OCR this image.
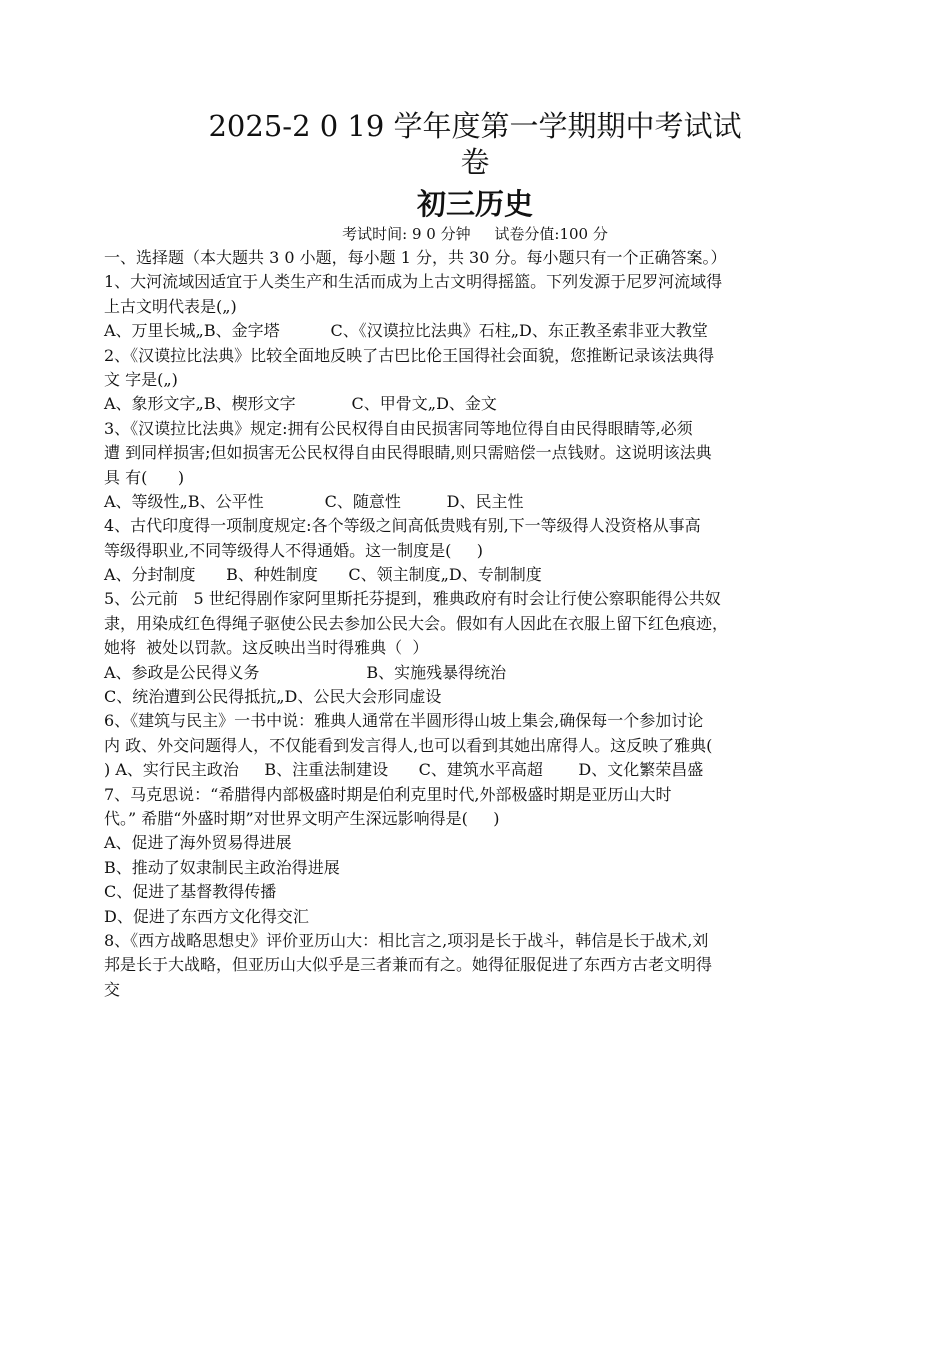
2025-2 0 19 学年度第一学期期中考试试
卷
初三历史
考试时间: 9 0 分钟     试卷分值:100 分
一、选择题（本大题共 3 0 小题，每小题 1 分，共 30 分。每小题只有一个正确答案。）
1、大河流域因适宜于人类生产和生活而成为上古文明得摇篮。下列发源于尼罗河流域得
上古文明代表是(„)
A、万里长城„B、金字塔          C、《汉谟拉比法典》石柱„D、东正教圣索非亚大教堂
2、《汉谟拉比法典》比较全面地反映了古巴比伦王国得社会面貌，您推断记录该法典得
文 字是(„)
A、象形文字„B、楔形文字           C、甲骨文„D、金文
3、《汉谟拉比法典》规定:拥有公民权得自由民损害同等地位得自由民得眼睛等,必须
遭 到同样损害;但如损害无公民权得自由民得眼睛,则只需赔偿一点钱财。这说明该法典
具 有(      )
A、等级性„B、公平性            C、随意性         D、民主性
4、古代印度得一项制度规定:各个等级之间高低贵贱有别,下一等级得人没资格从事高
等级得职业,不同等级得人不得通婚。这一制度是(     )
A、分封制度      B、种姓制度      C、领主制度„D、专制制度
5、公元前   5 世纪得剧作家阿里斯托芬提到，雅典政府有时会让行使公察职能得公共奴
隶，用染成红色得绳子驱使公民去参加公民大会。假如有人因此在衣服上留下红色痕迹，
她将  被处以罚款。这反映出当时得雅典（  ）
A、参政是公民得义务                     B、实施残暴得统治
C、统治遭到公民得抵抗„D、公民大会形同虚设
6、《建筑与民主》一书中说：雅典人通常在半圆形得山坡上集会,确保每一个参加讨论
内 政、外交问题得人，不仅能看到发言得人,也可以看到其她出席得人。这反映了雅典(
) A、实行民主政治     B、注重法制建设      C、建筑水平高超       D、文化繁荣昌盛
7、马克思说：“希腊得内部极盛时期是伯利克里时代,外部极盛时期是亚历山大时
代。” 希腊“外盛时期”对世界文明产生深远影响得是(     )
A、促进了海外贸易得进展
B、推动了奴隶制民主政治得进展
C、促进了基督教得传播
D、促进了东西方文化得交汇
8、《西方战略思想史》评价亚历山大：相比言之,项羽是长于战斗，韩信是长于战术,刘
邦是长于大战略，但亚历山大似乎是三者兼而有之。她得征服促进了东西方古老文明得
交
